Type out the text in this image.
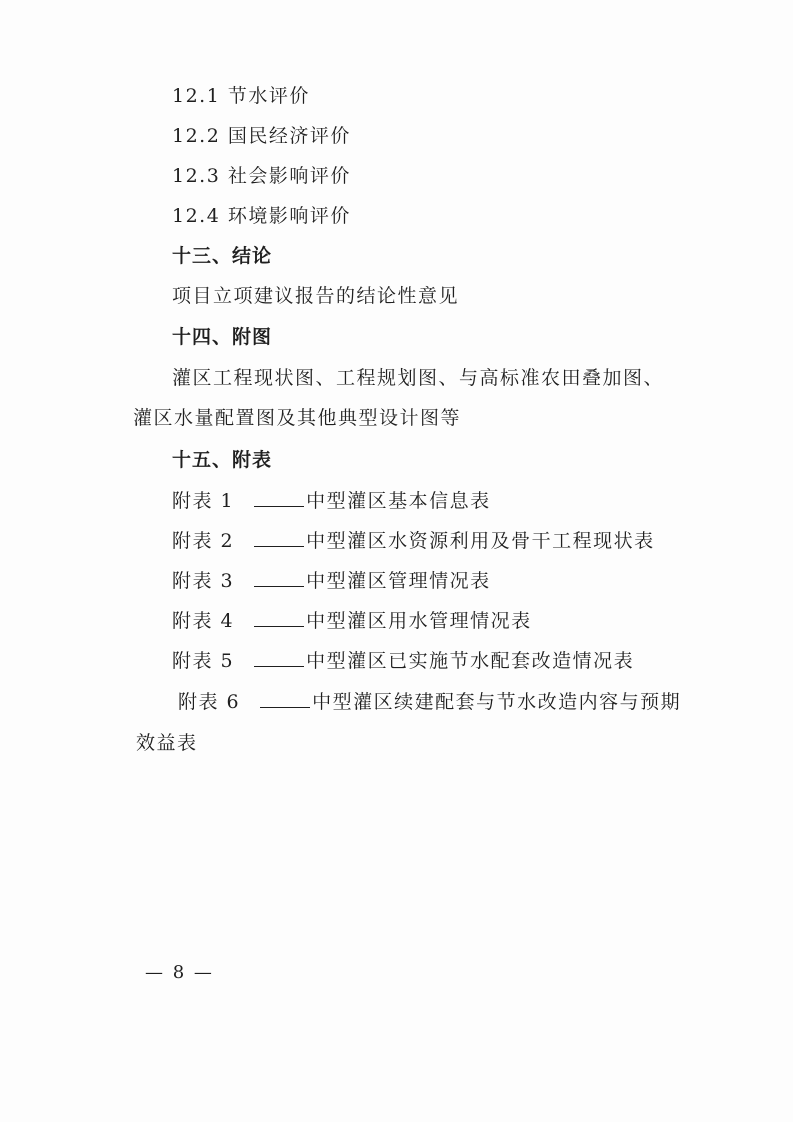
12.1 节水评价
12.2 国民经济评价
12.3 社会影响评价
12.4 环境影响评价
十三、结论
项目立项建议报告的结论性意见
十四、附图
灌区工程现状图、工程规划图、与高标准农田叠加图、
灌区水量配置图及其他典型设计图等
十五、附表
附表 1	中型灌区基本信息表
附表 2	中型灌区水资源利用及骨干工程现状表
附表 3	中型灌区管理情况表
附表 4	中型灌区用水管理情况表
附表 5	中型灌区已实施节水配套改造情况表
附表 6	中型灌区续建配套与节水改造内容与预期
效益表
— 8 —
